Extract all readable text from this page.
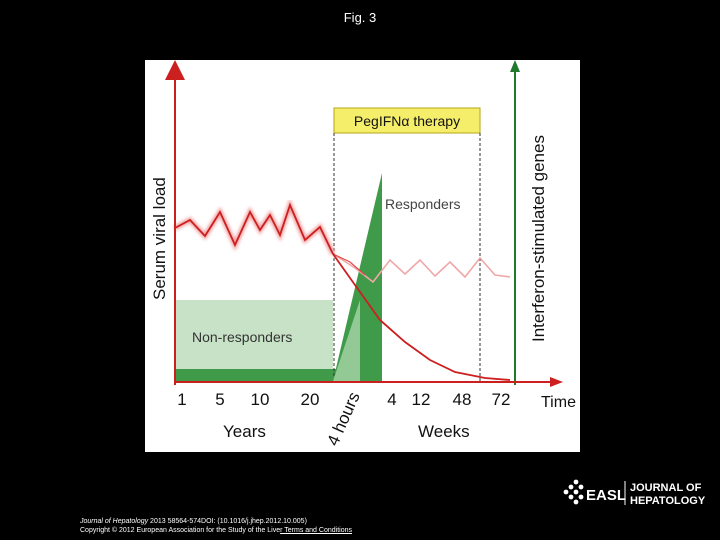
Fig. 3
PegIFNα therapy
Serum viral load	Interferon-stimulated genes
Responders
Non-responders
1 5 10 20	4 12 48 72 Time
4 hours
Years	Weeks
Journal of Hepatology 2013 58564-574DOI: (10.1016/j.jhep.2012.10.005)
Copyright © 2012 European Association for the Study of the Liver Terms and Conditions
EASL JOURNAL OF
HEPATOLOGY
